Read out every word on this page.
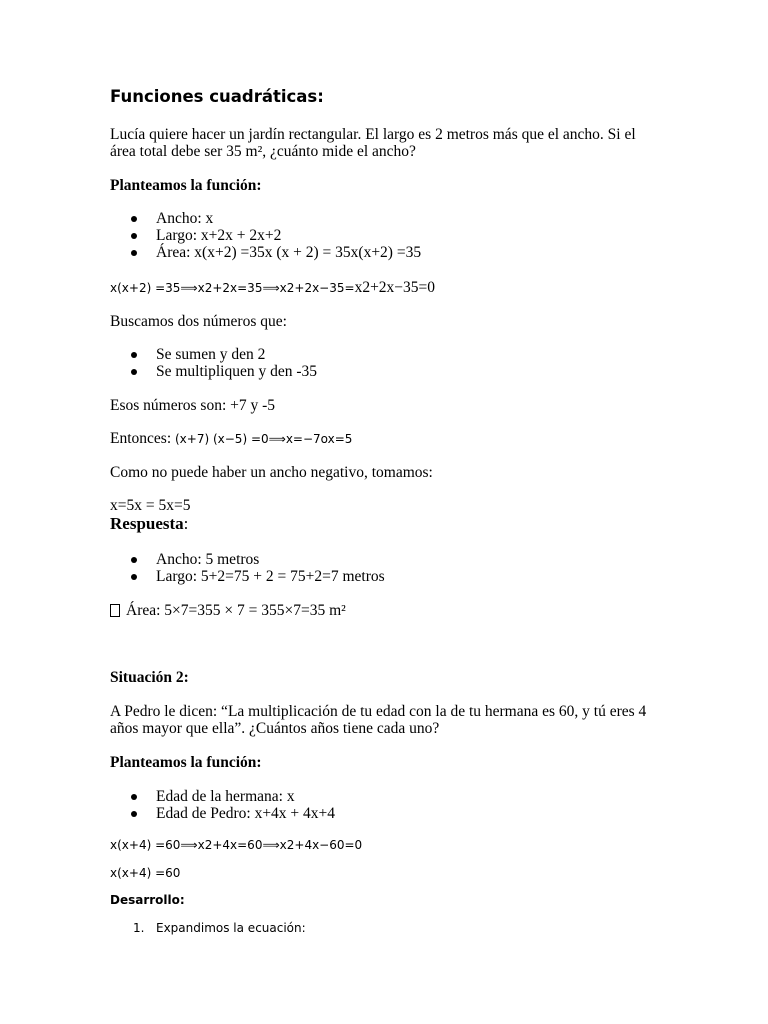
Funciones cuadráticas:
Lucía quiere hacer un jardín rectangular. El largo es 2 metros más que el ancho. Si el
área total debe ser 35 m², ¿cuánto mide el ancho?
Planteamos la función:
Ancho: x
Largo: x+2x + 2x+2
Área: x(x+2) =35x (x + 2) = 35x(x+2) =35
x(x+2) =35⟹x2+2x=35⟹x2+2x−35=x2+2x−35=0
Buscamos dos números que:
Se sumen y den 2
Se multipliquen y den -35
Esos números son: +7 y -5
Entonces: (x+7) (x−5) =0⟹x=−7ox=5
Como no puede haber un ancho negativo, tomamos:
x=5x = 5x=5
Respuesta:
Ancho: 5 metros
Largo: 5+2=75 + 2 = 75+2=7 metros
Área: 5×7=355 × 7 = 355×7=35 m²
Situación 2:
A Pedro le dicen: “La multiplicación de tu edad con la de tu hermana es 60, y tú eres 4
años mayor que ella”. ¿Cuántos años tiene cada uno?
Planteamos la función:
Edad de la hermana: x
Edad de Pedro: x+4x + 4x+4
x(x+4) =60⟹x2+4x=60⟹x2+4x−60=0
x(x+4) =60
Desarrollo:
1. Expandimos la ecuación:
